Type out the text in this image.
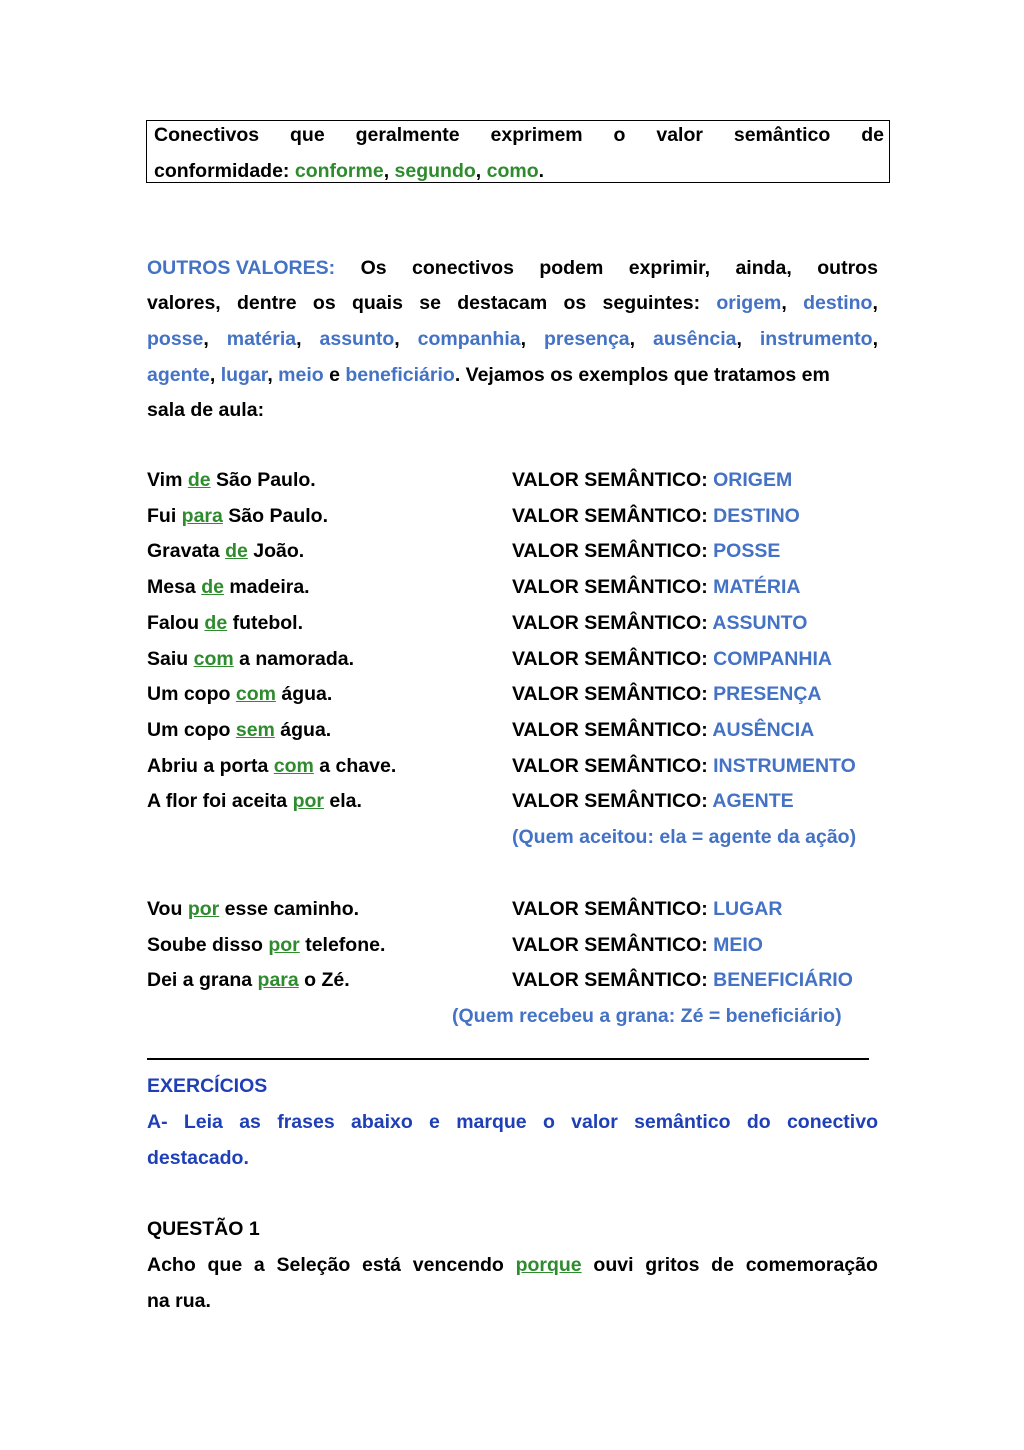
Conectivos que geralmente exprimem o valor semântico de
conformidade: conforme, segundo, como.
OUTROS VALORES: Os conectivos podem exprimir, ainda, outros
valores, dentre os quais se destacam os seguintes: origem, destino,
posse, matéria, assunto, companhia, presença, ausência, instrumento,
agente, lugar, meio e beneficiário. Vejamos os exemplos que tratamos em
sala de aula:
Vim de São Paulo.	VALOR SEMÂNTICO: ORIGEM
Fui para São Paulo.	VALOR SEMÂNTICO: DESTINO
Gravata de João.	VALOR SEMÂNTICO: POSSE
Mesa de madeira.	VALOR SEMÂNTICO: MATÉRIA
Falou de futebol.	VALOR SEMÂNTICO: ASSUNTO
Saiu com a namorada.	VALOR SEMÂNTICO: COMPANHIA
Um copo com água.	VALOR SEMÂNTICO: PRESENÇA
Um copo sem água.	VALOR SEMÂNTICO: AUSÊNCIA
Abriu a porta com a chave.	VALOR SEMÂNTICO: INSTRUMENTO
A flor foi aceita por ela.	VALOR SEMÂNTICO: AGENTE
(Quem aceitou: ela = agente da ação)
Vou por esse caminho.	VALOR SEMÂNTICO: LUGAR
Soube disso por telefone.	VALOR SEMÂNTICO: MEIO
Dei a grana para o Zé.	VALOR SEMÂNTICO: BENEFICIÁRIO
(Quem recebeu a grana: Zé = beneficiário)
EXERCÍCIOS
A- Leia as frases abaixo e marque o valor semântico do conectivo
destacado.
QUESTÃO 1
Acho que a Seleção está vencendo porque ouvi gritos de comemoração
na rua.
